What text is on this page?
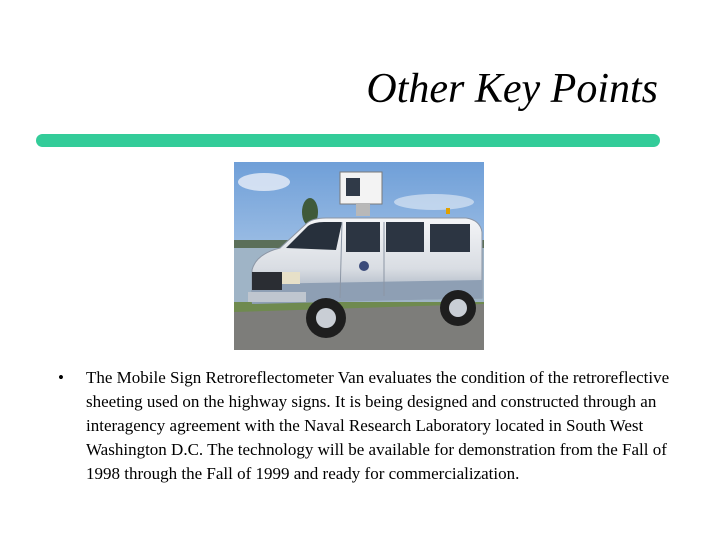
Other Key Points
• The Mobile Sign Retroreflectometer Van evaluates the condition of the retroreflective sheeting used on the highway signs. It is being designed and constructed through an interagency agreement with the Naval Research Laboratory located in South West Washington D.C. The technology will be available for demonstration from the Fall of 1998 through the Fall of 1999 and ready for commercialization.
